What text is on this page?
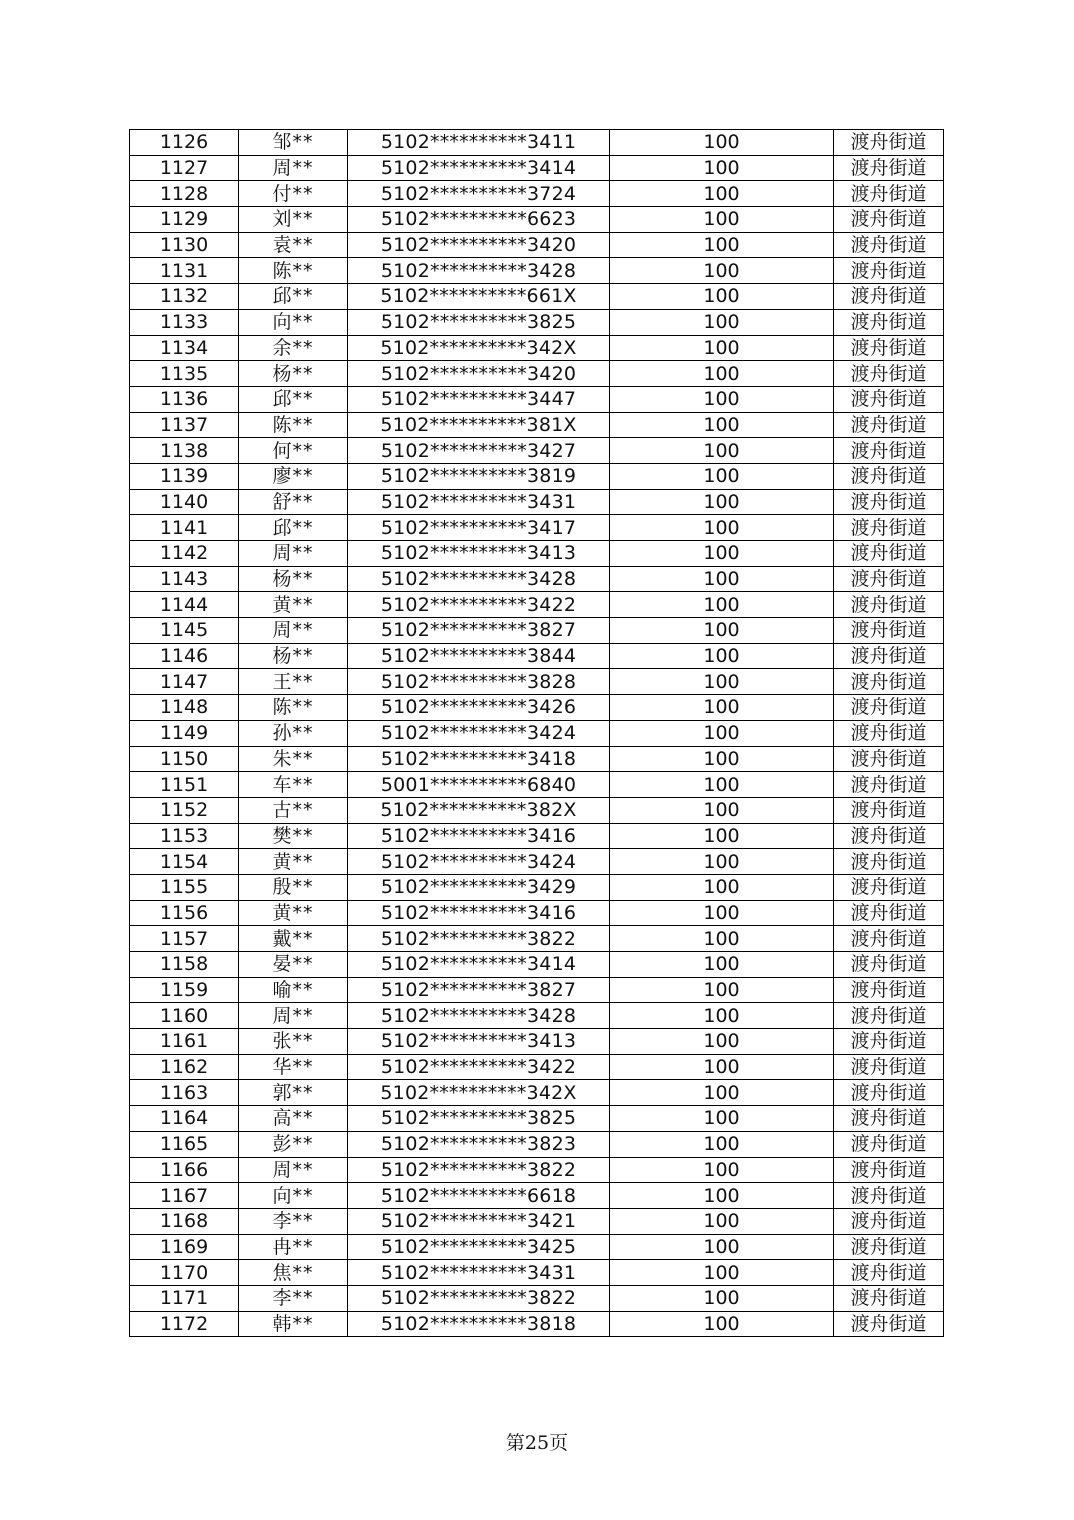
1126	邹**	5102**********3411	100	渡舟街道
1127	周**	5102**********3414	100	渡舟街道
1128	付**	5102**********3724	100	渡舟街道
1129	刘**	5102**********6623	100	渡舟街道
1130	袁**	5102**********3420	100	渡舟街道
1131	陈**	5102**********3428	100	渡舟街道
1132	邱**	5102**********661X	100	渡舟街道
1133	向**	5102**********3825	100	渡舟街道
1134	余**	5102**********342X	100	渡舟街道
1135	杨**	5102**********3420	100	渡舟街道
1136	邱**	5102**********3447	100	渡舟街道
1137	陈**	5102**********381X	100	渡舟街道
1138	何**	5102**********3427	100	渡舟街道
1139	廖**	5102**********3819	100	渡舟街道
1140	舒**	5102**********3431	100	渡舟街道
1141	邱**	5102**********3417	100	渡舟街道
1142	周**	5102**********3413	100	渡舟街道
1143	杨**	5102**********3428	100	渡舟街道
1144	黄**	5102**********3422	100	渡舟街道
1145	周**	5102**********3827	100	渡舟街道
1146	杨**	5102**********3844	100	渡舟街道
1147	王**	5102**********3828	100	渡舟街道
1148	陈**	5102**********3426	100	渡舟街道
1149	孙**	5102**********3424	100	渡舟街道
1150	朱**	5102**********3418	100	渡舟街道
1151	车**	5001**********6840	100	渡舟街道
1152	古**	5102**********382X	100	渡舟街道
1153	樊**	5102**********3416	100	渡舟街道
1154	黄**	5102**********3424	100	渡舟街道
1155	殷**	5102**********3429	100	渡舟街道
1156	黄**	5102**********3416	100	渡舟街道
1157	戴**	5102**********3822	100	渡舟街道
1158	晏**	5102**********3414	100	渡舟街道
1159	喻**	5102**********3827	100	渡舟街道
1160	周**	5102**********3428	100	渡舟街道
1161	张**	5102**********3413	100	渡舟街道
1162	华**	5102**********3422	100	渡舟街道
1163	郭**	5102**********342X	100	渡舟街道
1164	高**	5102**********3825	100	渡舟街道
1165	彭**	5102**********3823	100	渡舟街道
1166	周**	5102**********3822	100	渡舟街道
1167	向**	5102**********6618	100	渡舟街道
1168	李**	5102**********3421	100	渡舟街道
1169	冉**	5102**********3425	100	渡舟街道
1170	焦**	5102**********3431	100	渡舟街道
1171	李**	5102**********3822	100	渡舟街道
1172	韩**	5102**********3818	100	渡舟街道
第25页
